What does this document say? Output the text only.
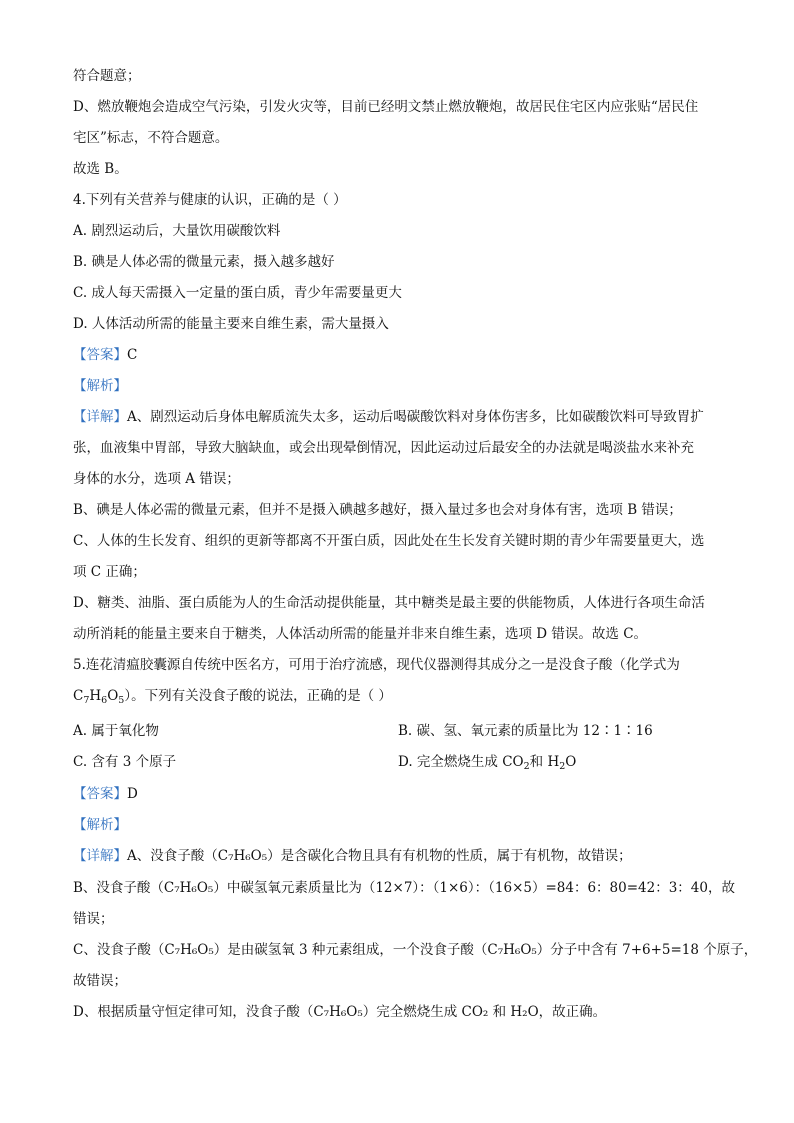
符合题意；
D、燃放鞭炮会造成空气污染，引发火灾等，目前已经明文禁止燃放鞭炮，故居民住宅区内应张贴“居民住
宅区”标志，不符合题意。
故选 B。
4.下列有关营养与健康的认识，正确的是（ ）
A. 剧烈运动后，大量饮用碳酸饮料
B. 碘是人体必需的微量元素，摄入越多越好
C. 成人每天需摄入一定量的蛋白质，青少年需要量更大
D. 人体活动所需的能量主要来自维生素，需大量摄入
【答案】C
【解析】
【详解】A、剧烈运动后身体电解质流失太多，运动后喝碳酸饮料对身体伤害多，比如碳酸饮料可导致胃扩
张，血液集中胃部，导致大脑缺血，或会出现晕倒情况，因此运动过后最安全的办法就是喝淡盐水来补充
身体的水分，选项 A 错误；
B、碘是人体必需的微量元素，但并不是摄入碘越多越好，摄入量过多也会对身体有害，选项 B 错误；
C、人体的生长发育、组织的更新等都离不开蛋白质，因此处在生长发育关键时期的青少年需要量更大，选
项 C 正确；
D、糖类、油脂、蛋白质能为人的生命活动提供能量，其中糖类是最主要的供能物质，人体进行各项生命活
动所消耗的能量主要来自于糖类，人体活动所需的能量并非来自维生素，选项 D 错误。故选 C。
5.连花清瘟胶囊源自传统中医名方，可用于治疗流感，现代仪器测得其成分之一是没食子酸（化学式为
$C_7H_6O_5$）。下列有关没食子酸的说法，正确的是（ ）
A. 属于氧化物	B. 碳、氢、氧元素的质量比为 12∶1∶16
C. 含有 3 个原子	D. 完全燃烧生成 $CO_2$和 $H_2O$
【答案】D
【解析】
【详解】A、没食子酸（C₇H₆O₅）是含碳化合物且具有有机物的性质，属于有机物，故错误；
B、没食子酸（C₇H₆O₅）中碳氢氧元素质量比为（12×7）：（1×6）：（16×5）=84：6：80=42：3：40，故
错误；
C、没食子酸（C₇H₆O₅）是由碳氢氧 3 种元素组成，一个没食子酸（C₇H₆O₅）分子中含有 7+6+5=18 个原子，
故错误；
D、根据质量守恒定律可知，没食子酸（C₇H₆O₅）完全燃烧生成 CO₂ 和 H₂O，故正确。
